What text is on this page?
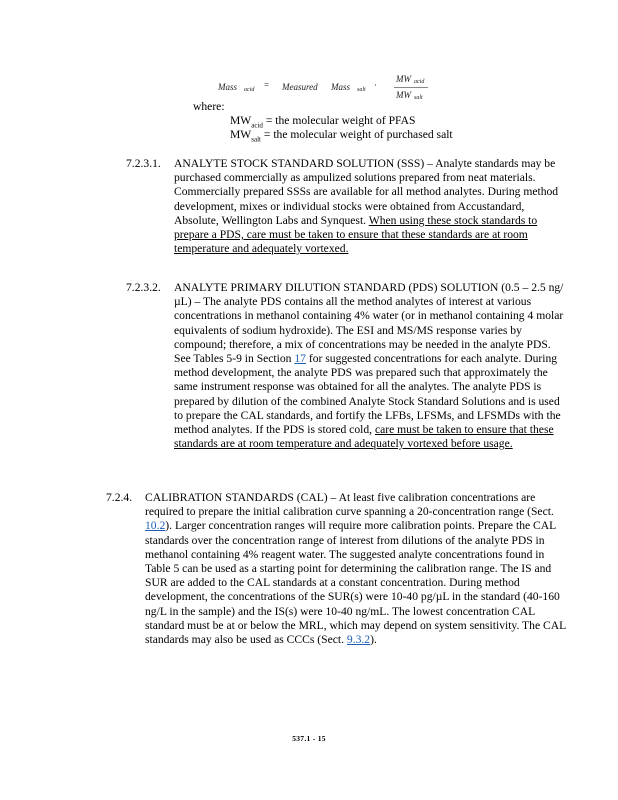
Mass acid = Measured Mass salt ·
MW acid
MW salt
where:
$MW_{acid}$ = the molecular weight of PFAS
$MW_{salt}$ = the molecular weight of purchased salt
7.2.3.1. ANALYTE STOCK STANDARD SOLUTION (SSS) – Analyte standards may be purchased commercially as ampulized solutions prepared from neat materials. Commercially prepared SSSs are available for all method analytes. During method development, mixes or individual stocks were obtained from Accustandard, Absolute, Wellington Labs and Synquest. When using these stock standards to prepare a PDS, care must be taken to ensure that these standards are at room temperature and adequately vortexed.
7.2.3.2. ANALYTE PRIMARY DILUTION STANDARD (PDS) SOLUTION (0.5 – 2.5 ng/µL) – The analyte PDS contains all the method analytes of interest at various concentrations in methanol containing 4% water (or in methanol containing 4 molar equivalents of sodium hydroxide). The ESI and MS/MS response varies by compound; therefore, a mix of concentrations may be needed in the analyte PDS. See Tables 5-9 in Section 17 for suggested concentrations for each analyte. During method development, the analyte PDS was prepared such that approximately the same instrument response was obtained for all the analytes. The analyte PDS is prepared by dilution of the combined Analyte Stock Standard Solutions and is used to prepare the CAL standards, and fortify the LFBs, LFSMs, and LFSMDs with the method analytes. If the PDS is stored cold, care must be taken to ensure that these standards are at room temperature and adequately vortexed before usage.
7.2.4. CALIBRATION STANDARDS (CAL) – At least five calibration concentrations are required to prepare the initial calibration curve spanning a 20-concentration range (Sect. 10.2). Larger concentration ranges will require more calibration points. Prepare the CAL standards over the concentration range of interest from dilutions of the analyte PDS in methanol containing 4% reagent water. The suggested analyte concentrations found in Table 5 can be used as a starting point for determining the calibration range. The IS and SUR are added to the CAL standards at a constant concentration. During method development, the concentrations of the SUR(s) were 10-40 pg/µL in the standard (40-160 ng/L in the sample) and the IS(s) were 10-40 ng/mL. The lowest concentration CAL standard must be at or below the MRL, which may depend on system sensitivity. The CAL standards may also be used as CCCs (Sect. 9.3.2).
537.1 - 15
